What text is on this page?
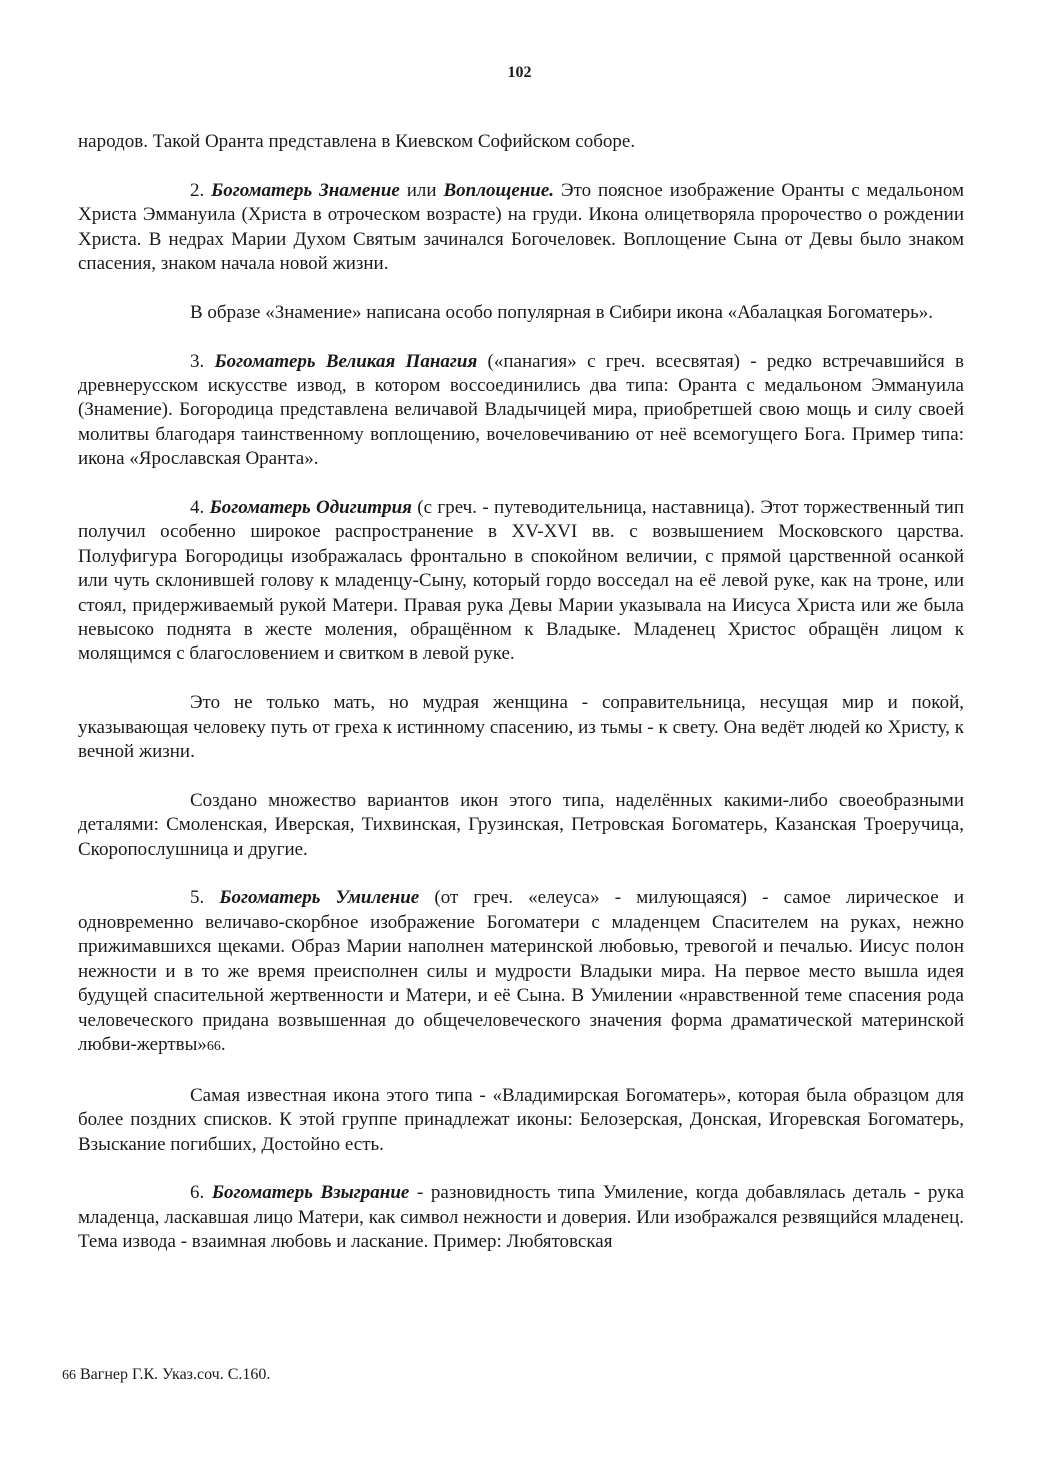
102

народов. Такой Оранта представлена в Киевском Софийском соборе.

2. Богоматерь Знамение или Воплощение. Это поясное изображение Оранты с медальоном Христа Эммануила (Христа в отроческом возрасте) на груди. Икона олицетворяла пророчество о рождении Христа. В недрах Марии Духом Святым зачинался Богочеловек. Воплощение Сына от Девы было знаком спасения, знаком начала новой жизни.

В образе «Знамение» написана особо популярная в Сибири икона «Абалацкая Богоматерь».

3. Богоматерь Великая Панагия («панагия» с греч. всесвятая) - редко встречавшийся в древнерусском искусстве извод, в котором воссоединились два типа: Оранта с медальоном Эммануила (Знамение). Богородица представлена величавой Владычицей мира, приобретшей свою мощь и силу своей молитвы благодаря таинственному воплощению, вочеловечиванию от неё всемогущего Бога. Пример типа: икона «Ярославская Оранта».

4. Богоматерь Одигитрия (с греч. - путеводительница, наставница). Этот торжественный тип получил особенно широкое распространение в XV-XVI вв. с возвышением Московского царства. Полуфигура Богородицы изображалась фронтально в спокойном величии, с прямой царственной осанкой или чуть склонившей голову к младенцу-Сыну, который гордо восседал на её левой руке, как на троне, или стоял, придерживаемый рукой Матери. Правая рука Девы Марии указывала на Иисуса Христа или же была невысоко поднята в жесте моления, обращённом к Владыке. Младенец Христос обращён лицом к молящимся с благословением и свитком в левой руке.

Это не только мать, но мудрая женщина - соправительница, несущая мир и покой, указывающая человеку путь от греха к истинному спасению, из тьмы - к свету. Она ведёт людей ко Христу, к вечной жизни.

Создано множество вариантов икон этого типа, наделённых какими-либо своеобразными деталями: Смоленская, Иверская, Тихвинская, Грузинская, Петровская Богоматерь, Казанская Троеручица, Скоропослушница и другие.

5. Богоматерь Умиление (от греч. «елеуса» - милующаяся) - самое лирическое и одновременно величаво-скорбное изображение Богоматери с младенцем Спасителем на руках, нежно прижимавшихся щеками. Образ Марии наполнен материнской любовью, тревогой и печалью. Иисус полон нежности и в то же время преисполнен силы и мудрости Владыки мира. На первое место вышла идея будущей спасительной жертвенности и Матери, и её Сына. В Умилении «нравственной теме спасения рода человеческого придана возвышенная до общечеловеческого значения форма драматической материнской любви-жертвы»66.

Самая известная икона этого типа - «Владимирская Богоматерь», которая была образцом для более поздних списков. К этой группе принадлежат иконы: Белозерская, Донская, Игоревская Богоматерь, Взыскание погибших, Достойно есть.

6. Богоматерь Взыграние - разновидность типа Умиление, когда добавлялась деталь - рука младенца, ласкавшая лицо Матери, как символ нежности и доверия. Или изображался резвящийся младенец. Тема извода - взаимная любовь и ласкание. Пример: Любятовская

66 Вагнер Г.К. Указ.соч. С.160.
